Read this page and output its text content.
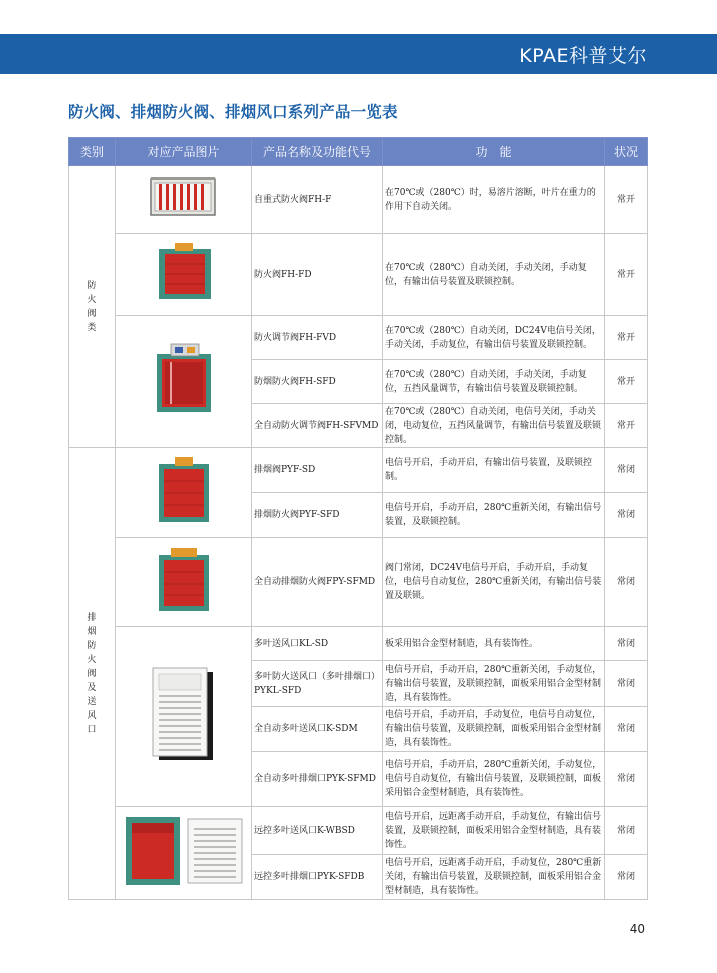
KPAE科普艾尔
防火阀、排烟防火阀、排烟风口系列产品一览表
类别	对应产品图片	产品名称及功能代号	功　能	状况
防火阀类		自重式防火阀FH-F	在70℃或（280℃）时，易溶片溶断，叶片在重力的作用下自动关闭。	常开
	防火阀FH-FD	在70℃或（280℃）自动关闭，手动关闭，手动复位，有输出信号装置及联锁控制。	常开
	防火调节阀FH-FVD	在70℃或（280℃）自动关闭，DC24V电信号关闭，手动关闭，手动复位，有输出信号装置及联锁控制。	常开
		防烟防火阀FH-SFD	在70℃或（280℃）自动关闭，手动关闭，手动复位，五挡风量调节，有输出信号装置及联锁控制。	常开
		全自动防火调节阀FH-SFVMD	在70℃或（280℃）自动关闭，电信号关闭，手动关闭，电动复位，五挡风量调节，有输出信号装置及联锁控制。	常开
排烟防火阀及送风口		排烟阀PYF-SD	电信号开启，手动开启，有输出信号装置，及联锁控制。	常闭
		排烟防火阀PYF-SFD	电信号开启，手动开启，280℃重新关闭，有输出信号装置，及联锁控制。	常闭
	全自动排烟防火阀FPY-SFMD	阀门常闭，DC24V电信号开启，手动开启，手动复位，电信号自动复位，280℃重新关闭，有输出信号装置及联锁。	常闭
	多叶送风口KL-SD	板采用铝合金型材制造，具有装饰性。	常闭
		多叶防火送风口（多叶排烟口）PYKL-SFD	电信号开启，手动开启，280℃重新关闭，手动复位，有输出信号装置，及联锁控制，面板采用铝合金型材制造，具有装饰性。	常闭
		全自动多叶送风口K-SDM	电信号开启，手动开启，手动复位，电信号自动复位，有输出信号装置，及联锁控制，面板采用铝合金型材制造，具有装饰性。	常闭
		全自动多叶排烟口PYK-SFMD	电信号开启，手动开启，280℃重新关闭，手动复位，电信号自动复位，有输出信号装置，及联锁控制，面板采用铝合金型材制造，具有装饰性。	常闭
	远控多叶送风口K-WBSD	电信号开启，远距离手动开启，手动复位，有输出信号装置，及联锁控制，面板采用铝合金型材制造，具有装饰性。	常闭
		远控多叶排烟口PYK-SFDB	电信号开启，远距离手动开启，手动复位，280℃重新关闭，有输出信号装置，及联锁控制，面板采用铝合金型材制造，具有装饰性。	常闭
40
